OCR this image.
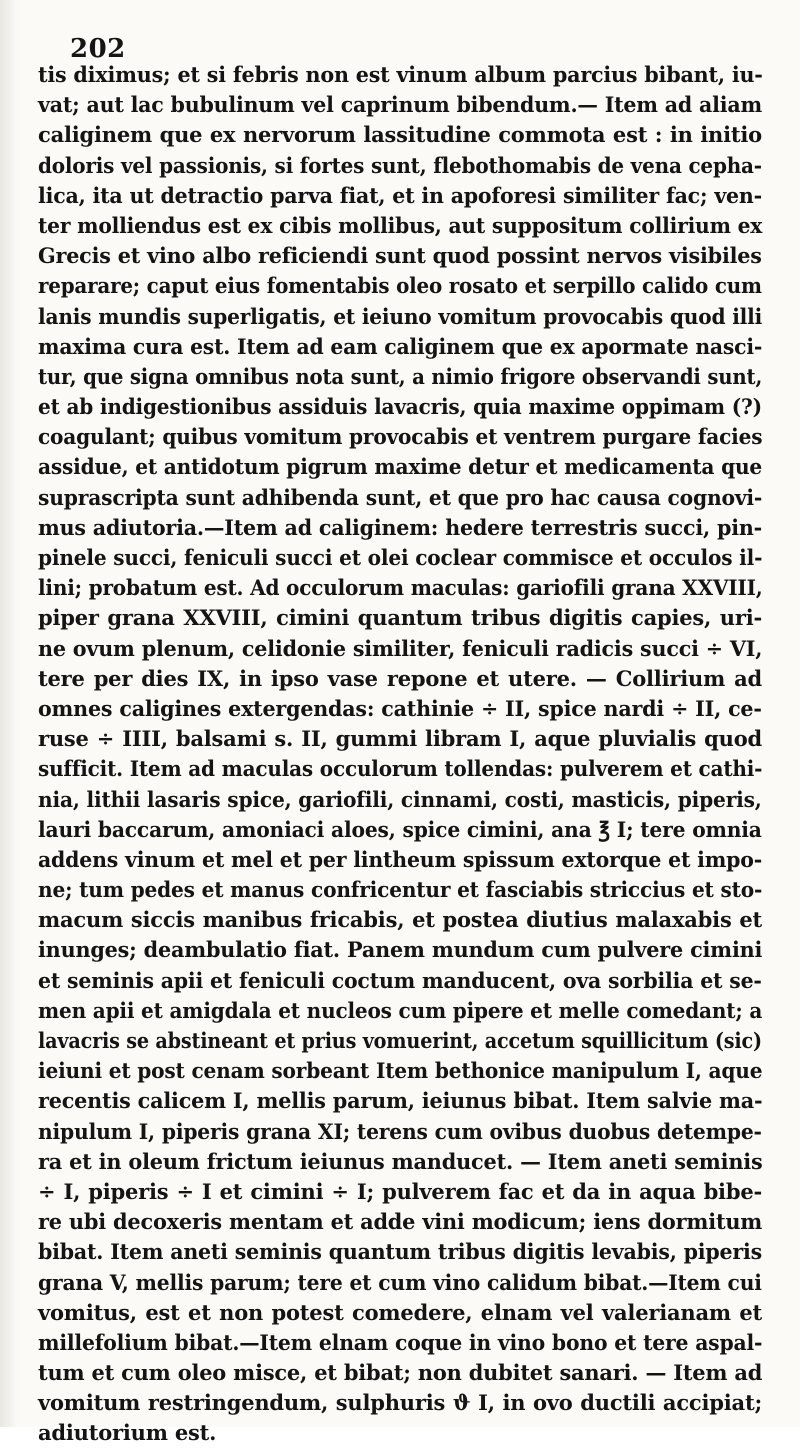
202
tis diximus; et si febris non est vinum album parcius bibant, iu-
vat; aut lac bubulinum vel caprinum bibendum.— Item ad aliam
caliginem que ex nervorum lassitudine commota est : in initio
doloris vel passionis, si fortes sunt, flebothomabis de vena cepha-
lica, ita ut detractio parva fiat, et in apoforesi similiter fac; ven-
ter molliendus est ex cibis mollibus, aut suppositum collirium ex
Grecis et vino albo reficiendi sunt quod possint nervos visibiles
reparare; caput eius fomentabis oleo rosato et serpillo calido cum
lanis mundis superligatis, et ieiuno vomitum provocabis quod illi
maxima cura est. Item ad eam caliginem que ex apormate nasci-
tur, que signa omnibus nota sunt, a nimio frigore observandi sunt,
et ab indigestionibus assiduis lavacris, quia maxime oppimam (?)
coagulant; quibus vomitum provocabis et ventrem purgare facies
assidue, et antidotum pigrum maxime detur et medicamenta que
suprascripta sunt adhibenda sunt, et que pro hac causa cognovi-
mus adiutoria.—Item ad caliginem: hedere terrestris succi, pin-
pinele succi, feniculi succi et olei coclear commisce et occulos il-
lini; probatum est. Ad occulorum maculas: gariofili grana XXVIII,
piper grana XXVIII, cimini quantum tribus digitis capies, uri-
ne ovum plenum, celidonie similiter, feniculi radicis succi ÷ VI,
tere per dies IX, in ipso vase repone et utere. — Collirium ad
omnes caligines extergendas: cathinie ÷ II, spice nardi ÷ II, ce-
ruse ÷ IIII, balsami s. II, gummi libram I, aque pluvialis quod
sufficit. Item ad maculas occulorum tollendas: pulverem et cathi-
nia, lithii lasaris spice, gariofili, cinnami, costi, masticis, piperis,
lauri baccarum, amoniaci aloes, spice cimini, ana ℥ I; tere omnia
addens vinum et mel et per lintheum spissum extorque et impo-
ne; tum pedes et manus confricentur et fasciabis striccius et sto-
macum siccis manibus fricabis, et postea diutius malaxabis et
inunges; deambulatio fiat. Panem mundum cum pulvere cimini
et seminis apii et feniculi coctum manducent, ova sorbilia et se-
men apii et amigdala et nucleos cum pipere et melle comedant; a
lavacris se abstineant et prius vomuerint, accetum squillicitum (sic)
ieiuni et post cenam sorbeant Item bethonice manipulum I, aque
recentis calicem I, mellis parum, ieiunus bibat. Item salvie ma-
nipulum I, piperis grana XI; terens cum ovibus duobus detempe-
ra et in oleum frictum ieiunus manducet. — Item aneti seminis
÷ I, piperis ÷ I et cimini ÷ I; pulverem fac et da in aqua bibe-
re ubi decoxeris mentam et adde vini modicum; iens dormitum
bibat. Item aneti seminis quantum tribus digitis levabis, piperis
grana V, mellis parum; tere et cum vino calidum bibat.—Item cui
vomitus, est et non potest comedere, elnam vel valerianam et
millefolium bibat.—Item elnam coque in vino bono et tere aspal-
tum et cum oleo misce, et bibat; non dubitet sanari. — Item ad
vomitum restringendum, sulphuris ϑ I, in ovo ductili accipiat;
adiutorium est.
